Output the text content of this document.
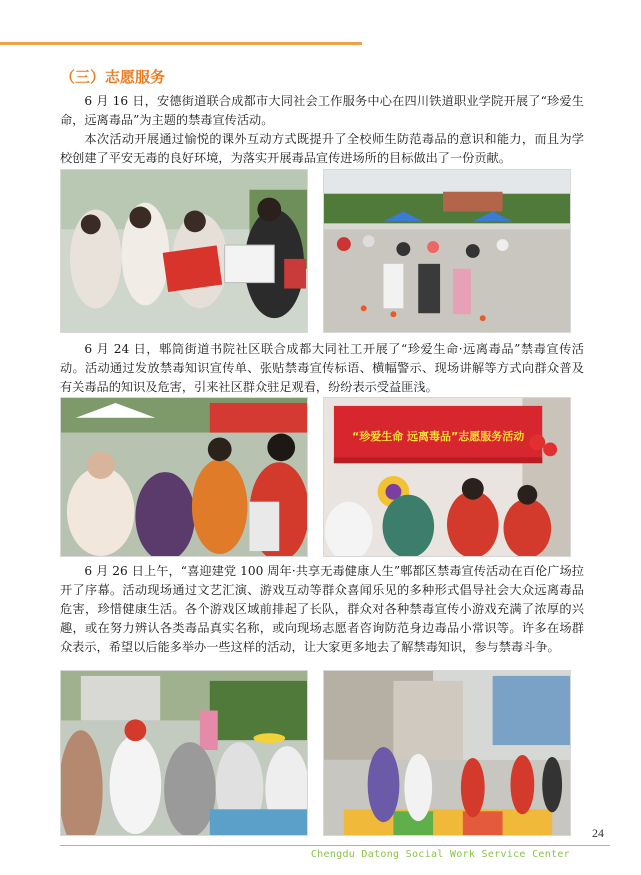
（三）志愿服务

6 月 16 日，安德街道联合成都市大同社会工作服务中心在四川铁道职业学院开展了“珍爱生命，远离毒品”为主题的禁毒宣传活动。

本次活动开展通过愉悦的课外互动方式既提升了全校师生防范毒品的意识和能力，而且为学校创建了平安无毒的良好环境，为落实开展毒品宣传进场所的目标做出了一份贡献。

6 月 24 日，郫筒街道书院社区联合成都大同社工开展了“珍爱生命·远离毒品”禁毒宣传活动。活动通过发放禁毒知识宣传单、张贴禁毒宣传标语、横幅警示、现场讲解等方式向群众普及有关毒品的知识及危害，引来社区群众驻足观看，纷纷表示受益匪浅。

“珍爱生命 远离毒品”志愿服务活动

6 月 26 日上午，“喜迎建党 100 周年·共享无毒健康人生”郫都区禁毒宣传活动在百伦广场拉开了序幕。活动现场通过文艺汇演、游戏互动等群众喜闻乐见的多种形式倡导社会大众远离毒品危害，珍惜健康生活。各个游戏区域前排起了长队，群众对各种禁毒宣传小游戏充满了浓厚的兴趣，或在努力辨认各类毒品真实名称，或向现场志愿者咨询防范身边毒品小常识等。许多在场群众表示，希望以后能多举办一些这样的活动，让大家更多地去了解禁毒知识，参与禁毒斗争。

24
Chengdu Datong Social Work Service Center
